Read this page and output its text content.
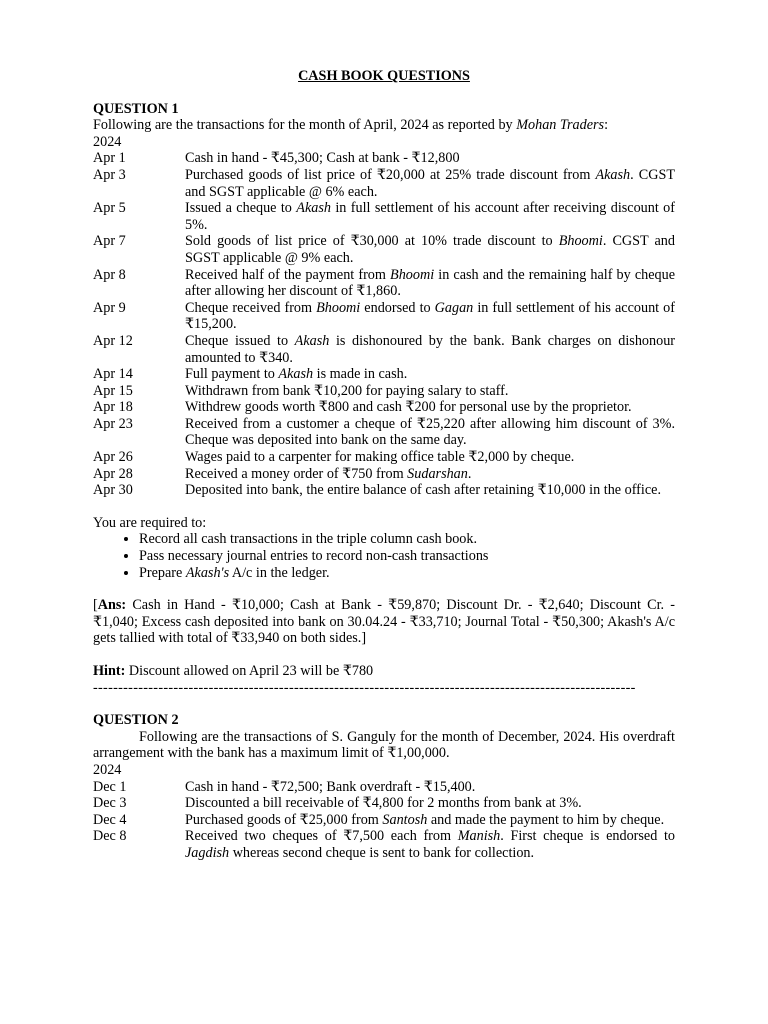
CASH BOOK QUESTIONS
QUESTION 1
Following are the transactions for the month of April, 2024 as reported by Mohan Traders:
2024
Apr 1	Cash in hand - ₹45,300; Cash at bank - ₹12,800
Apr 3	Purchased goods of list price of ₹20,000 at 25% trade discount from Akash. CGST and SGST applicable @ 6% each.
Apr 5	Issued a cheque to Akash in full settlement of his account after receiving discount of 5%.
Apr 7	Sold goods of list price of ₹30,000 at 10% trade discount to Bhoomi. CGST and SGST applicable @ 9% each.
Apr 8	Received half of the payment from Bhoomi in cash and the remaining half by cheque after allowing her discount of ₹1,860.
Apr 9	Cheque received from Bhoomi endorsed to Gagan in full settlement of his account of ₹15,200.
Apr 12	Cheque issued to Akash is dishonoured by the bank. Bank charges on dishonour amounted to ₹340.
Apr 14	Full payment to Akash is made in cash.
Apr 15	Withdrawn from bank ₹10,200 for paying salary to staff.
Apr 18	Withdrew goods worth ₹800 and cash ₹200 for personal use by the proprietor.
Apr 23	Received from a customer a cheque of ₹25,220 after allowing him discount of 3%. Cheque was deposited into bank on the same day.
Apr 26	Wages paid to a carpenter for making office table ₹2,000 by cheque.
Apr 28	Received a money order of ₹750 from Sudarshan.
Apr 30	Deposited into bank, the entire balance of cash after retaining ₹10,000 in the office.
You are required to:
• Record all cash transactions in the triple column cash book.
• Pass necessary journal entries to record non-cash transactions
• Prepare Akash's A/c in the ledger.
[Ans: Cash in Hand - ₹10,000; Cash at Bank - ₹59,870; Discount Dr. - ₹2,640; Discount Cr. - ₹1,040; Excess cash deposited into bank on 30.04.24 - ₹33,710; Journal Total - ₹50,300; Akash's A/c gets tallied with total of ₹33,940 on both sides.]
Hint: Discount allowed on April 23 will be ₹780
------------------------------------------------------------------------------------------------------------
QUESTION 2
Following are the transactions of S. Ganguly for the month of December, 2024. His overdraft arrangement with the bank has a maximum limit of ₹1,00,000.
2024
Dec 1	Cash in hand - ₹72,500; Bank overdraft - ₹15,400.
Dec 3	Discounted a bill receivable of ₹4,800 for 2 months from bank at 3%.
Dec 4	Purchased goods of ₹25,000 from Santosh and made the payment to him by cheque.
Dec 8	Received two cheques of ₹7,500 each from Manish. First cheque is endorsed to Jagdish whereas second cheque is sent to bank for collection.
